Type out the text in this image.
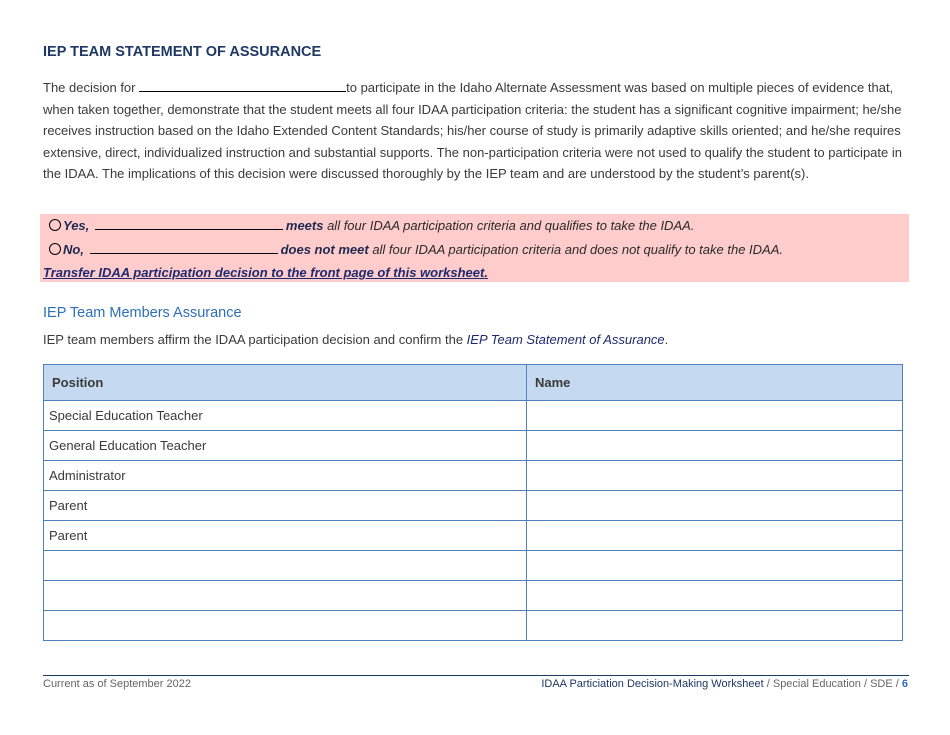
IEP TEAM STATEMENT OF ASSURANCE
The decision for	to participate in the Idaho Alternate Assessment was based on multiple pieces of evidence that, when taken together, demonstrate that the student meets all four IDAA participation criteria: the student has a significant cognitive impairment; he/she receives instruction based on the Idaho Extended Content Standards; his/her course of study is primarily adaptive skills oriented; and he/she requires extensive, direct, individualized instruction and substantial supports. The non-participation criteria were not used to qualify the student to participate in the IDAA. The implications of this decision were discussed thoroughly by the IEP team and are understood by the student’s parent(s).
Yes,	meets all four IDAA participation criteria and qualifies to take the IDAA.
No,	does not meet all four IDAA participation criteria and does not qualify to take the IDAA.
Transfer IDAA participation decision to the front page of this worksheet.
IEP Team Members Assurance
IEP team members affirm the IDAA participation decision and confirm the IEP Team Statement of Assurance.
Position	Name
Special Education Teacher	
General Education Teacher	
Administrator	
Parent	
Parent	

Current as of September 2022	IDAA Particiation Decision-Making Worksheet / Special Education / SDE / 6
